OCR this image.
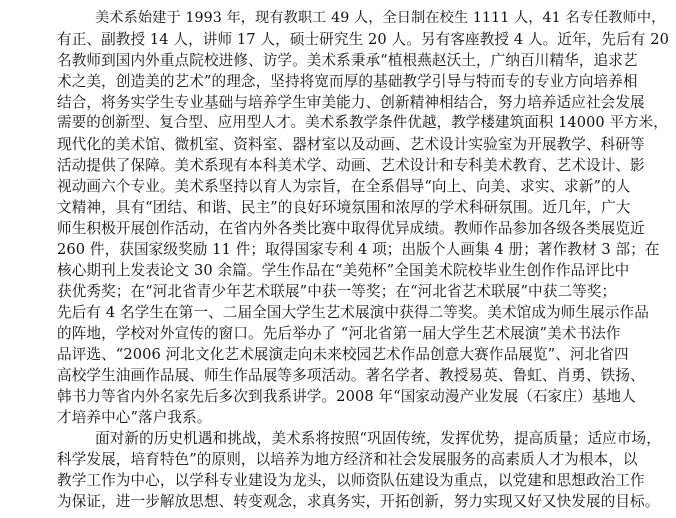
美术系始建于 1993 年，现有教职工 49 人，全日制在校生 1111 人，41 名专任教师中，
有正、副教授 14 人，讲师 17 人，硕士研究生 20 人。另有客座教授 4 人。近年，先后有 20
名教师到国内外重点院校进修、访学。美术系秉承“植根燕赵沃土，广纳百川精华，追求艺
术之美，创造美的艺术”的理念，坚持将宽而厚的基础教学引导与特而专的专业方向培养相
结合，将务实学生专业基础与培养学生审美能力、创新精神相结合，努力培养适应社会发展
需要的创新型、复合型、应用型人才。美术系教学条件优越，教学楼建筑面积 14000 平方米，
现代化的美术馆、微机室、资料室、器材室以及动画、艺术设计实验室为开展教学、科研等
活动提供了保障。美术系现有本科美术学、动画、艺术设计和专科美术教育、艺术设计、影
视动画六个专业。美术系坚持以育人为宗旨，在全系倡导“向上、向美、求实、求新”的人
文精神，具有“团结、和谐、民主”的良好环境氛围和浓厚的学术科研氛围。近几年，广大
师生积极开展创作活动，在省内外各类比赛中取得优异成绩。教师作品参加各级各类展览近
260 件，获国家级奖励 11 件；取得国家专利 4 项；出版个人画集 4 册；著作教材 3 部；在
核心期刊上发表论文 30 余篇。学生作品在“美苑杯”全国美术院校毕业生创作作品评比中
获优秀奖；在“河北省青少年艺术联展”中获一等奖；在“河北省艺术联展”中获二等奖；
先后有 4 名学生在第一、二届全国大学生艺术展演中获得二等奖。美术馆成为师生展示作品
的阵地，学校对外宣传的窗口。先后举办了 “河北省第一届大学生艺术展演”美术书法作
品评选、“2006 河北文化艺术展演走向未来校园艺术作品创意大赛作品展览”、河北省四
高校学生油画作品展、师生作品展等多项活动。著名学者、教授易英、鲁虹、肖勇、铁扬、
韩书力等省内外名家先后多次到我系讲学。2008 年“国家动漫产业发展（石家庄）基地人
才培养中心”落户我系。
面对新的历史机遇和挑战，美术系将按照“巩固传统，发挥优势，提高质量；适应市场，
科学发展，培育特色”的原则，以培养为地方经济和社会发展服务的高素质人才为根本，以
教学工作为中心，以学科专业建设为龙头，以师资队伍建设为重点，以党建和思想政治工作
为保证，进一步解放思想、转变观念，求真务实，开拓创新，努力实现又好又快发展的目标。
